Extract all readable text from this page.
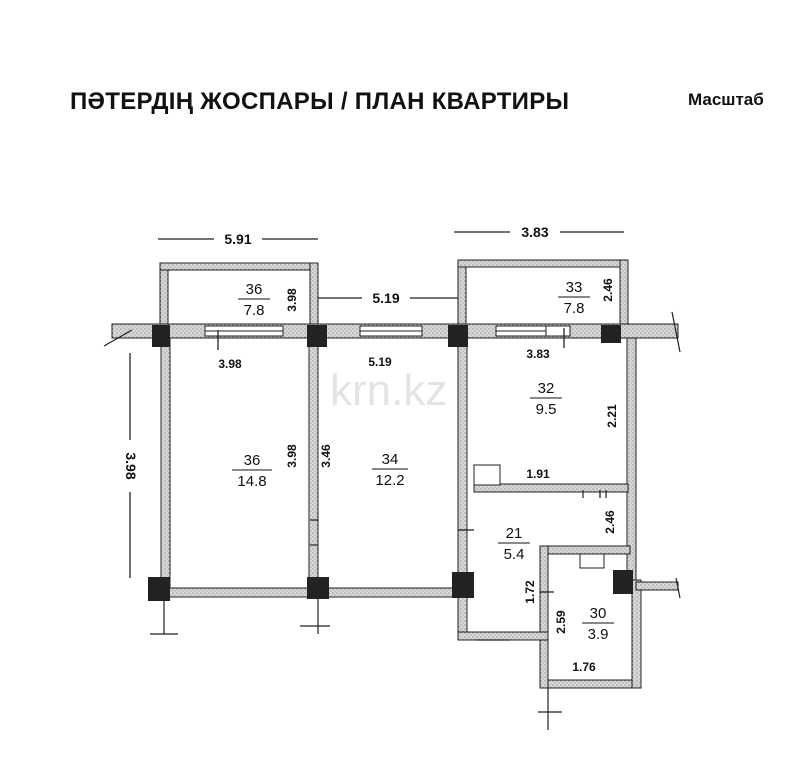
ПӘТЕРДІҢ ЖОСПАРЫ / ПЛАН КВАРТИРЫ	Масштаб
krn.kz
5.91	3.83
5.19
3.98
3.98
3.98
3.98 3.46
5.19
3.83
2.46
2.21
1.91
2.46
1.72
2.59
1.76
36
7.8
33
7.8
32
9.5
36
14.8
34
12.2
21
5.4
30
3.9
